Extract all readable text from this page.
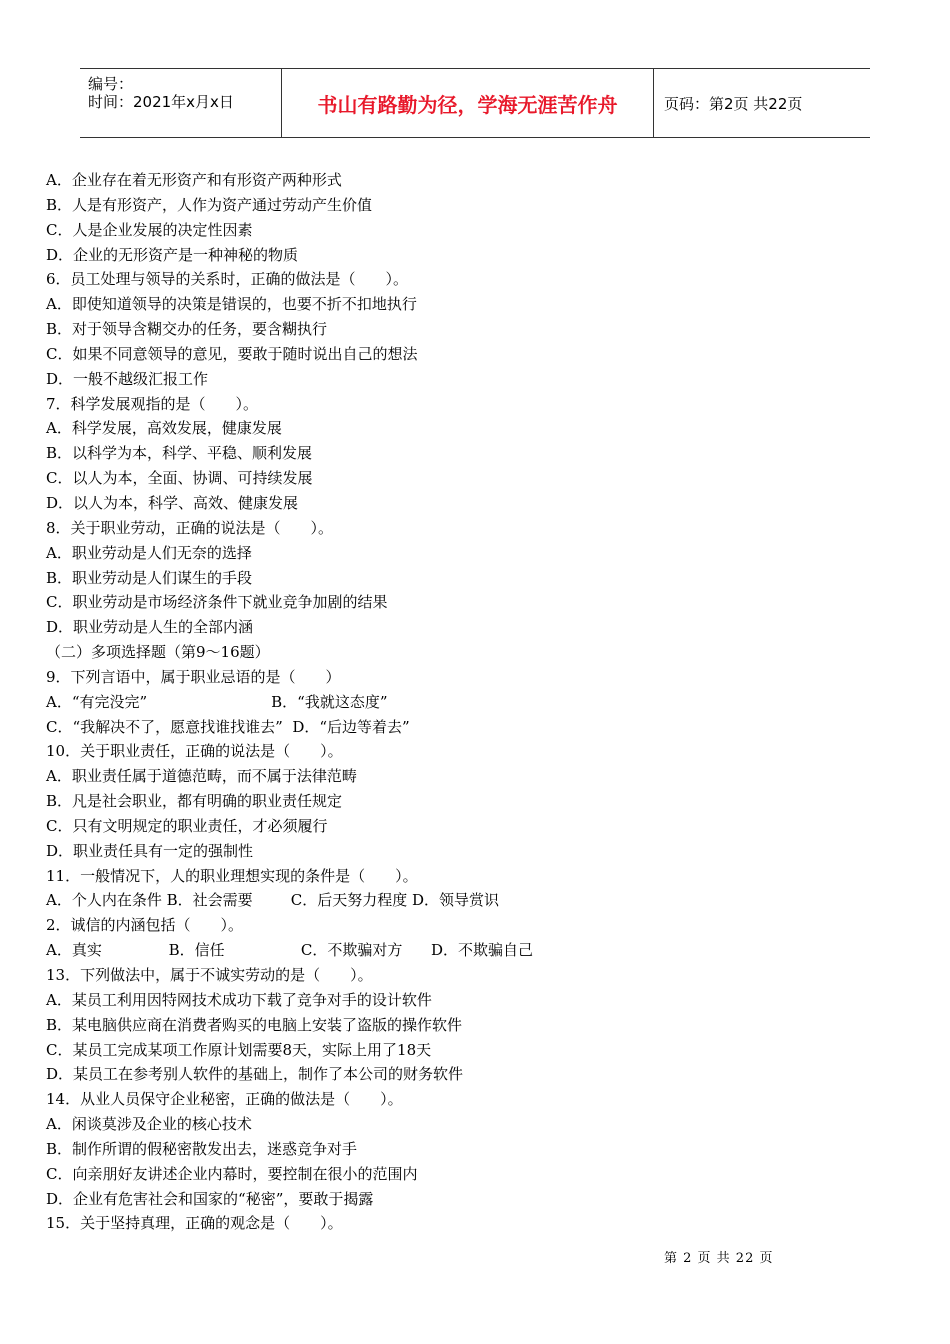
编号：
时间：2021年x月x日	书山有路勤为径，学海无涯苦作舟	页码：第2页 共22页
A．企业存在着无形资产和有形资产两种形式
B．人是有形资产，人作为资产通过劳动产生价值
C．人是企业发展的决定性因素
D．企业的无形资产是一种神秘的物质
6．员工处理与领导的关系时，正确的做法是（　　）。
A．即使知道领导的决策是错误的，也要不折不扣地执行
B．对于领导含糊交办的任务，要含糊执行
C．如果不同意领导的意见，要敢于随时说出自己的想法
D．一般不越级汇报工作
7．科学发展观指的是（　　）。
A．科学发展，高效发展，健康发展
B．以科学为本，科学、平稳、顺利发展
C．以人为本，全面、协调、可持续发展
D．以人为本，科学、高效、健康发展
8．关于职业劳动，正确的说法是（　　）。
A．职业劳动是人们无奈的选择
B．职业劳动是人们谋生的手段
C．职业劳动是市场经济条件下就业竞争加剧的结果
D．职业劳动是人生的全部内涵
（二）多项选择题（第9～16题）
9．下列言语中，属于职业忌语的是（　　）
A．“有完没完”                          B．“我就这态度”
C．“我解决不了，愿意找谁找谁去”  D．“后边等着去”
10．关于职业责任，正确的说法是（　　）。
A．职业责任属于道德范畴，而不属于法律范畴
B．凡是社会职业，都有明确的职业责任规定
C．只有文明规定的职业责任，才必须履行
D．职业责任具有一定的强制性
11．一般情况下，人的职业理想实现的条件是（　　）。
A．个人内在条件 B．社会需要        C．后天努力程度 D．领导赏识
2．诚信的内涵包括（　　）。
A．真实              B．信任                C．不欺骗对方      D．不欺骗自己
13．下列做法中，属于不诚实劳动的是（　　）。
A．某员工利用因特网技术成功下载了竞争对手的设计软件
B．某电脑供应商在消费者购买的电脑上安装了盗版的操作软件
C．某员工完成某项工作原计划需要8天，实际上用了18天
D．某员工在参考别人软件的基础上，制作了本公司的财务软件
14．从业人员保守企业秘密，正确的做法是（　　）。
A．闲谈莫涉及企业的核心技术
B．制作所谓的假秘密散发出去，迷惑竞争对手
C．向亲朋好友讲述企业内幕时，要控制在很小的范围内
D．企业有危害社会和国家的“秘密”，要敢于揭露
15．关于坚持真理，正确的观念是（　　）。
第 2 页 共 22 页
